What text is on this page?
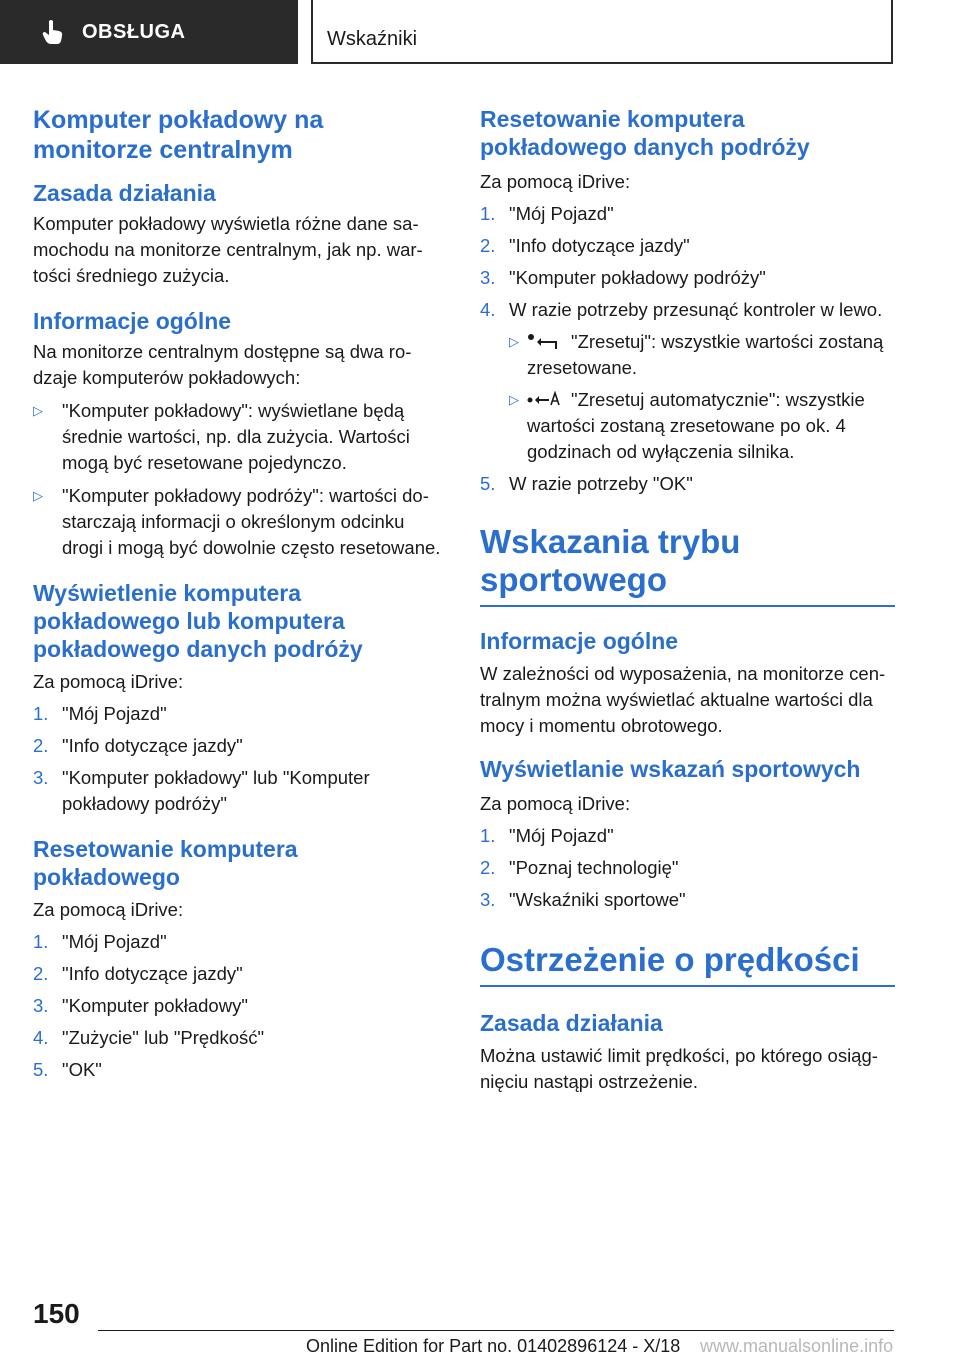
OBSŁUGA	Wskaźniki
Komputer pokładowy na monitorze centralnym
Zasada działania

Komputer pokładowy wyświetla różne dane samochodu na monitorze centralnym, jak np. wartości średniego zużycia.

Informacje ogólne

Na monitorze centralnym dostępne są dwa rodzaje komputerów pokładowych:

▷ "Komputer pokładowy": wyświetlane będą średnie wartości, np. dla zużycia. Wartości mogą być resetowane pojedynczo.
▷ "Komputer pokładowy podróży": wartości dostarczają informacji o określonym odcinku drogi i mogą być dowolnie często resetowane.
Wyświetlenie komputera pokładowego lub komputera pokładowego danych podróży

Za pomocą iDrive:

1. "Mój Pojazd"
2. "Info dotyczące jazdy"
3. "Komputer pokładowy" lub "Komputer pokładowy podróży"
Resetowanie komputera pokładowego

Za pomocą iDrive:

1. "Mój Pojazd"
2. "Info dotyczące jazdy"
3. "Komputer pokładowy"
4. "Zużycie" lub "Prędkość"
5. "OK"
Resetowanie komputera pokładowego danych podróży

Za pomocą iDrive:

1. "Mój Pojazd"
2. "Info dotyczące jazdy"
3. "Komputer pokładowy podróży"
4. W razie potrzeby przesunąć kontroler w lewo.
▷	"Zresetuj": wszystkie wartości zostaną zresetowane.
▷	"Zresetuj automatycznie": wszystkie wartości zostaną zresetowane po ok. 4 godzinach od wyłączenia silnika.
5. W razie potrzeby "OK"
Wskazania trybu sportowego
Informacje ogólne

W zależności od wyposażenia, na monitorze centralnym można wyświetlać aktualne wartości dla mocy i momentu obrotowego.

Wyświetlanie wskazań sportowych

Za pomocą iDrive:

1. "Mój Pojazd"
2. "Poznaj technologię"
3. "Wskaźniki sportowe"
Ostrzeżenie o prędkości
Zasada działania

Można ustawić limit prędkości, po którego osiągnięciu nastąpi ostrzeżenie.

150
Online Edition for Part no. 01402896124 - X/18 www.manualsonline.info
